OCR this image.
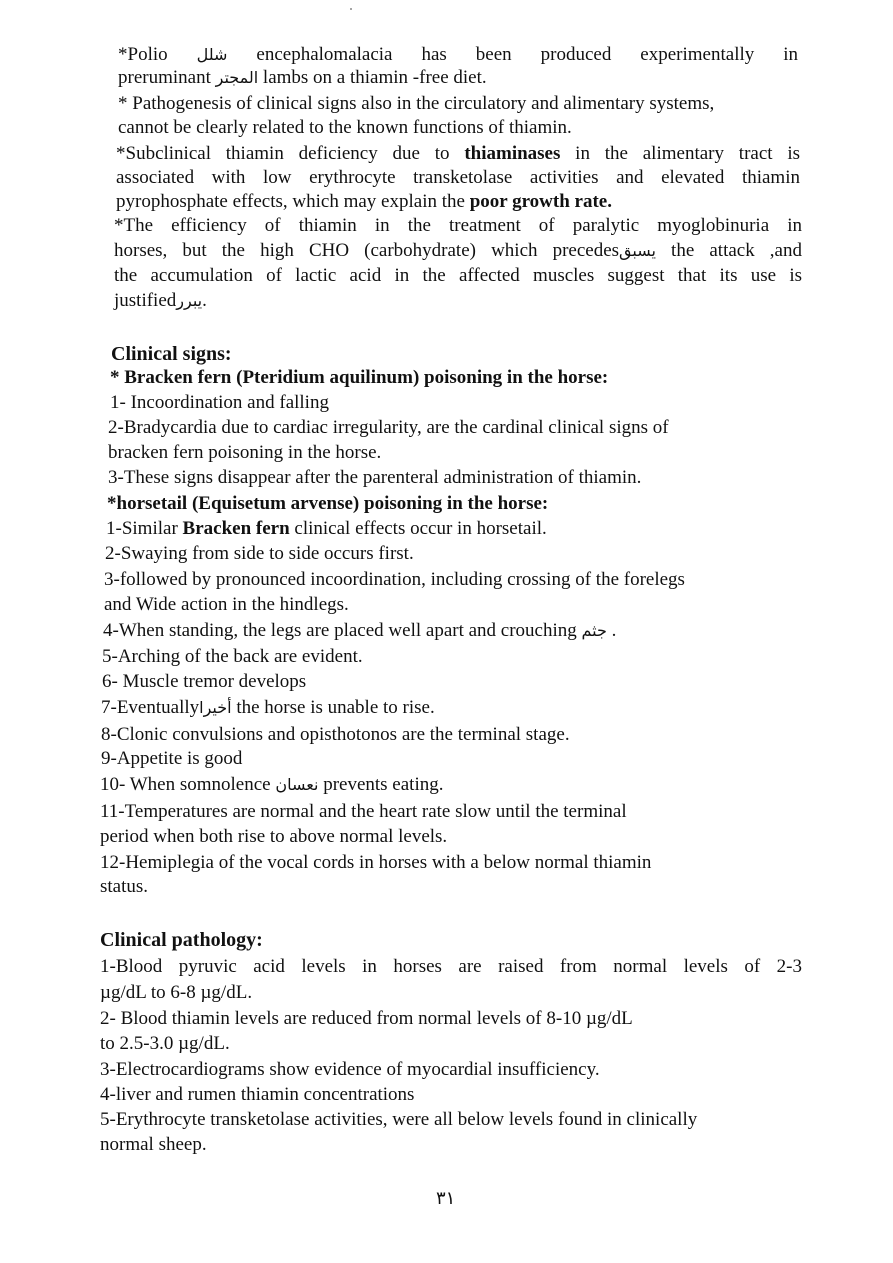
*Polio شلل encephalomalacia has been produced experimentally in
preruminant المجتر lambs on a thiamin -free diet.
* Pathogenesis of clinical signs also in the circulatory and alimentary systems,
cannot be clearly related to the known functions of thiamin.
*Subclinical thiamin deficiency due to thiaminases in the alimentary tract is
associated with low erythrocyte transketolase activities and elevated thiamin
pyrophosphate effects, which may explain the poor growth rate.
*The efficiency of thiamin in the treatment of paralytic myoglobinuria in
horses, but the high CHO (carbohydrate) which precedesيسبق the attack ,and
the accumulation of lactic acid in the affected muscles suggest that its use is
justifiedيبرر.
Clinical signs:
* Bracken fern (Pteridium aquilinum) poisoning in the horse:
1- Incoordination and falling
2-Bradycardia due to cardiac irregularity, are the cardinal clinical signs of
bracken fern poisoning in the horse.
3-These signs disappear after the parenteral administration of thiamin.
*horsetail (Equisetum arvense) poisoning in the horse:
1-Similar Bracken fern clinical effects occur in horsetail.
2-Swaying from side to side occurs first.
3-followed by pronounced incoordination, including crossing of the forelegs
and Wide action in the hindlegs.
4-When standing, the legs are placed well apart and crouching جثم .
5-Arching of the back are evident.
6- Muscle tremor develops
7-Eventuallyأخيرا the horse is unable to rise.
8-Clonic convulsions and opisthotonos are the terminal stage.
9-Appetite is good
10- When somnolence نعسان prevents eating.
11-Temperatures are normal and the heart rate slow until the terminal
period when both rise to above normal levels.
12-Hemiplegia of the vocal cords in horses with a below normal thiamin
status.
Clinical pathology:
1-Blood pyruvic acid levels in horses are raised from normal levels of 2-3
µg/dL to 6-8 µg/dL.
2- Blood thiamin levels are reduced from normal levels of 8-10 µg/dL
to 2.5-3.0 µg/dL.
3-Electrocardiograms show evidence of myocardial insufficiency.
4-liver and rumen thiamin concentrations
5-Erythrocyte transketolase activities, were all below levels found in clinically
normal sheep.
٣١
